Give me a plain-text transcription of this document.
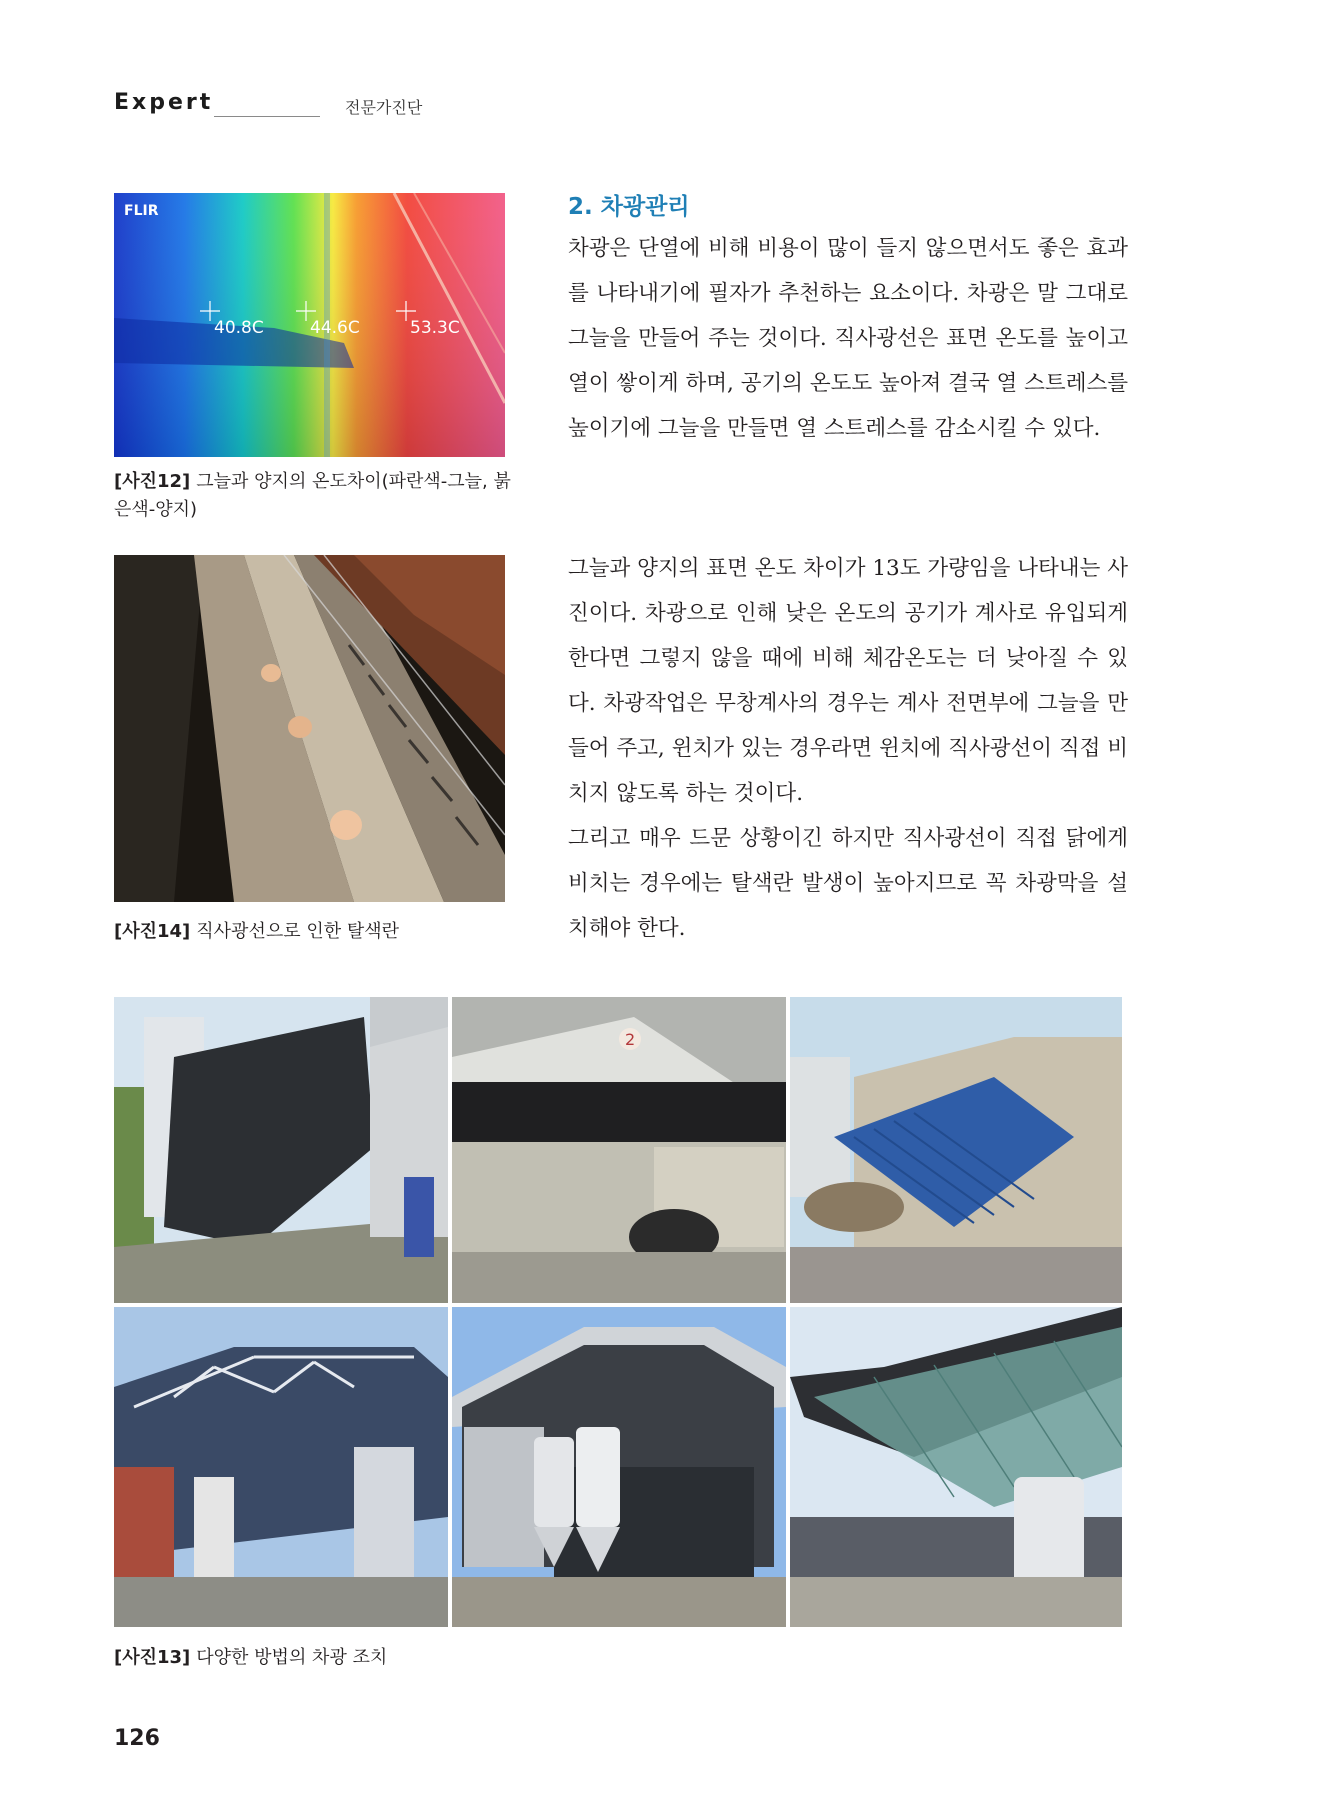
Expert	전문가진단
FLIR
40.8C	44.6C	53.3C
[사진12] 그늘과 양지의 온도차이(파란색-그늘, 붉은색-양지)
[사진14] 직사광선으로 인한 탈색란
2. 차광관리

차광은 단열에 비해 비용이 많이 들지 않으면서도 좋은 효과를 나타내기에 필자가 추천하는 요소이다. 차광은 말 그대로 그늘을 만들어 주는 것이다. 직사광선은 표면 온도를 높이고 열이 쌓이게 하며, 공기의 온도도 높아져 결국 열 스트레스를 높이기에 그늘을 만들면 열 스트레스를 감소시킬 수 있다.

그늘과 양지의 표면 온도 차이가 13도 가량임을 나타내는 사진이다. 차광으로 인해 낮은 온도의 공기가 계사로 유입되게 한다면 그렇지 않을 때에 비해 체감온도는 더 낮아질 수 있다. 차광작업은 무창계사의 경우는 계사 전면부에 그늘을 만들어 주고, 윈치가 있는 경우라면 윈치에 직사광선이 직접 비치지 않도록 하는 것이다.

그리고 매우 드문 상황이긴 하지만 직사광선이 직접 닭에게 비치는 경우에는 탈색란 발생이 높아지므로 꼭 차광막을 설치해야 한다.

2
[사진13] 다양한 방법의 차광 조치
126
